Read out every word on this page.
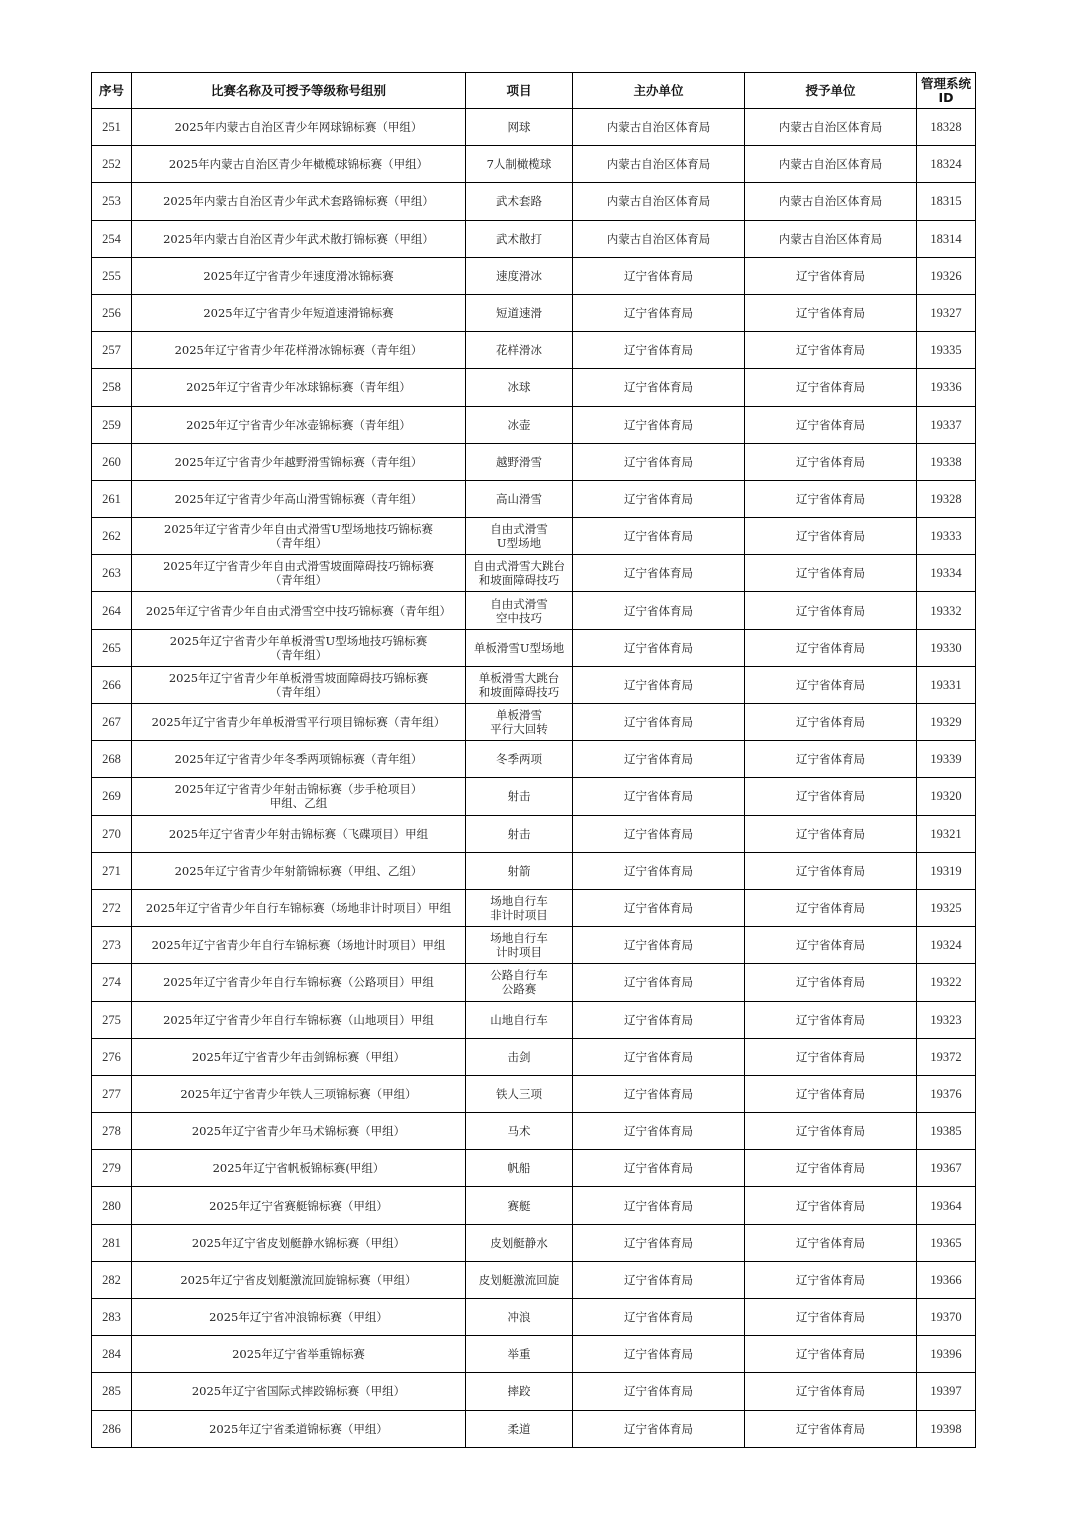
序号	比赛名称及可授予等级称号组别	项目	主办单位	授予单位	管理系统ID
251	2025年内蒙古自治区青少年网球锦标赛（甲组）	网球	内蒙古自治区体育局	内蒙古自治区体育局	18328
252	2025年内蒙古自治区青少年橄榄球锦标赛（甲组）	7人制橄榄球	内蒙古自治区体育局	内蒙古自治区体育局	18324
253	2025年内蒙古自治区青少年武术套路锦标赛（甲组）	武术套路	内蒙古自治区体育局	内蒙古自治区体育局	18315
254	2025年内蒙古自治区青少年武术散打锦标赛（甲组）	武术散打	内蒙古自治区体育局	内蒙古自治区体育局	18314
255	2025年辽宁省青少年速度滑冰锦标赛	速度滑冰	辽宁省体育局	辽宁省体育局	19326
256	2025年辽宁省青少年短道速滑锦标赛	短道速滑	辽宁省体育局	辽宁省体育局	19327
257	2025年辽宁省青少年花样滑冰锦标赛（青年组）	花样滑冰	辽宁省体育局	辽宁省体育局	19335
258	2025年辽宁省青少年冰球锦标赛（青年组）	冰球	辽宁省体育局	辽宁省体育局	19336
259	2025年辽宁省青少年冰壶锦标赛（青年组）	冰壶	辽宁省体育局	辽宁省体育局	19337
260	2025年辽宁省青少年越野滑雪锦标赛（青年组）	越野滑雪	辽宁省体育局	辽宁省体育局	19338
261	2025年辽宁省青少年高山滑雪锦标赛（青年组）	高山滑雪	辽宁省体育局	辽宁省体育局	19328
262	2025年辽宁省青少年自由式滑雪U型场地技巧锦标赛
（青年组）	自由式滑雪
U型场地	辽宁省体育局	辽宁省体育局	19333
263	2025年辽宁省青少年自由式滑雪坡面障碍技巧锦标赛
（青年组）	自由式滑雪大跳台
和坡面障碍技巧	辽宁省体育局	辽宁省体育局	19334
264	2025年辽宁省青少年自由式滑雪空中技巧锦标赛（青年组）	自由式滑雪
空中技巧	辽宁省体育局	辽宁省体育局	19332
265	2025年辽宁省青少年单板滑雪U型场地技巧锦标赛
（青年组）	单板滑雪U型场地	辽宁省体育局	辽宁省体育局	19330
266	2025年辽宁省青少年单板滑雪坡面障碍技巧锦标赛
（青年组）	单板滑雪大跳台
和坡面障碍技巧	辽宁省体育局	辽宁省体育局	19331
267	2025年辽宁省青少年单板滑雪平行项目锦标赛（青年组）	单板滑雪
平行大回转	辽宁省体育局	辽宁省体育局	19329
268	2025年辽宁省青少年冬季两项锦标赛（青年组）	冬季两项	辽宁省体育局	辽宁省体育局	19339
269	2025年辽宁省青少年射击锦标赛（步手枪项目）
甲组、乙组	射击	辽宁省体育局	辽宁省体育局	19320
270	2025年辽宁省青少年射击锦标赛（飞碟项目）甲组	射击	辽宁省体育局	辽宁省体育局	19321
271	2025年辽宁省青少年射箭锦标赛（甲组、乙组）	射箭	辽宁省体育局	辽宁省体育局	19319
272	2025年辽宁省青少年自行车锦标赛（场地非计时项目）甲组	场地自行车
非计时项目	辽宁省体育局	辽宁省体育局	19325
273	2025年辽宁省青少年自行车锦标赛（场地计时项目）甲组	场地自行车
计时项目	辽宁省体育局	辽宁省体育局	19324
274	2025年辽宁省青少年自行车锦标赛（公路项目）甲组	公路自行车
公路赛	辽宁省体育局	辽宁省体育局	19322
275	2025年辽宁省青少年自行车锦标赛（山地项目）甲组	山地自行车	辽宁省体育局	辽宁省体育局	19323
276	2025年辽宁省青少年击剑锦标赛（甲组）	击剑	辽宁省体育局	辽宁省体育局	19372
277	2025年辽宁省青少年铁人三项锦标赛（甲组）	铁人三项	辽宁省体育局	辽宁省体育局	19376
278	2025年辽宁省青少年马术锦标赛（甲组）	马术	辽宁省体育局	辽宁省体育局	19385
279	2025年辽宁省帆板锦标赛(甲组）	帆船	辽宁省体育局	辽宁省体育局	19367
280	2025年辽宁省赛艇锦标赛（甲组）	赛艇	辽宁省体育局	辽宁省体育局	19364
281	2025年辽宁省皮划艇静水锦标赛（甲组）	皮划艇静水	辽宁省体育局	辽宁省体育局	19365
282	2025年辽宁省皮划艇激流回旋锦标赛（甲组）	皮划艇激流回旋	辽宁省体育局	辽宁省体育局	19366
283	2025年辽宁省冲浪锦标赛（甲组）	冲浪	辽宁省体育局	辽宁省体育局	19370
284	2025年辽宁省举重锦标赛	举重	辽宁省体育局	辽宁省体育局	19396
285	2025年辽宁省国际式摔跤锦标赛（甲组）	摔跤	辽宁省体育局	辽宁省体育局	19397
286	2025年辽宁省柔道锦标赛（甲组）	柔道	辽宁省体育局	辽宁省体育局	19398
